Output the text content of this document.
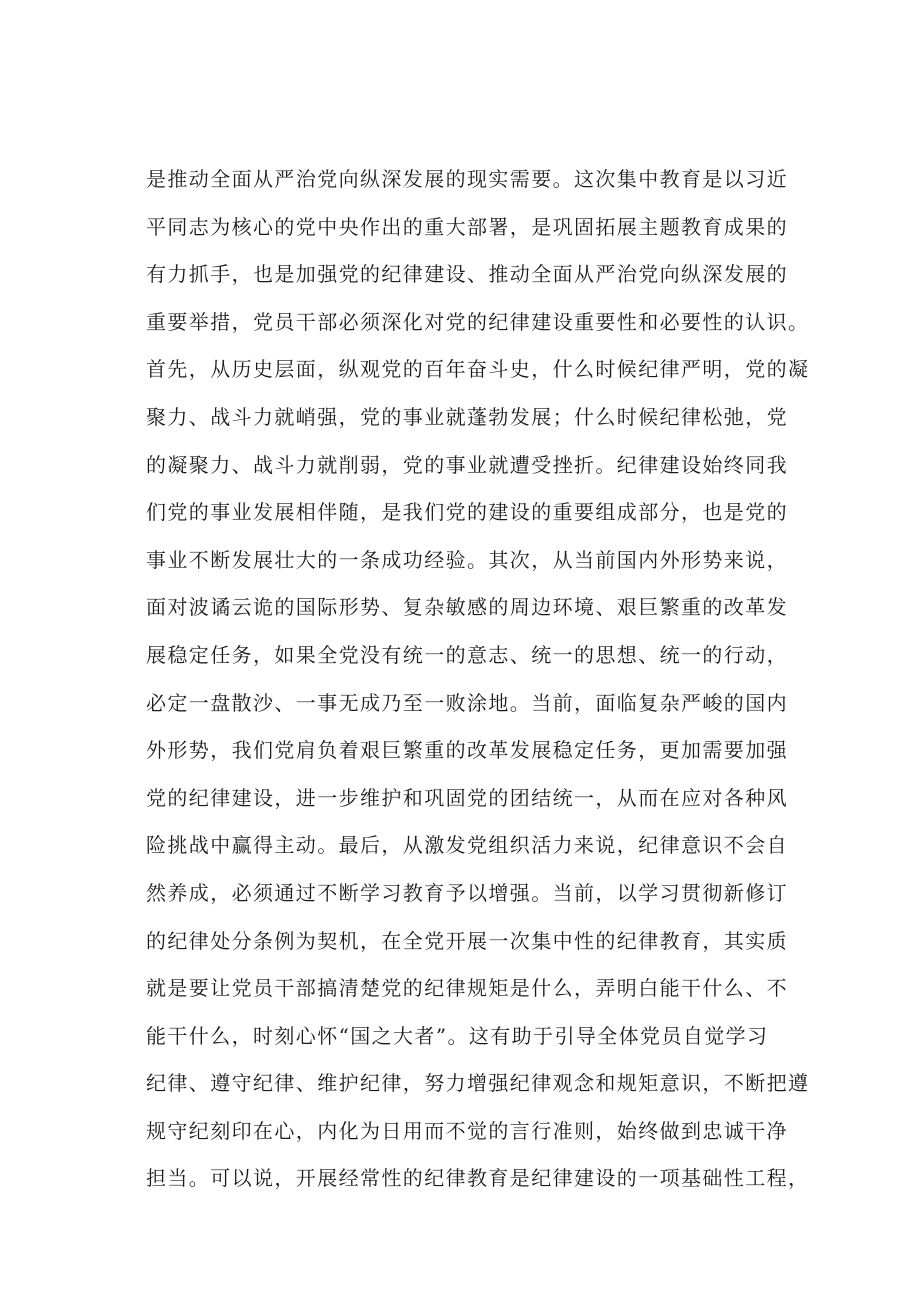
是推动全面从严治党向纵深发展的现实需要。这次集中教育是以习近
平同志为核心的党中央作出的重大部署，是巩固拓展主题教育成果的
有力抓手，也是加强党的纪律建设、推动全面从严治党向纵深发展的
重要举措，党员干部必须深化对党的纪律建设重要性和必要性的认识。
首先，从历史层面，纵观党的百年奋斗史，什么时候纪律严明，党的凝
聚力、战斗力就峭强，党的事业就蓬勃发展；什么时候纪律松弛，党
的凝聚力、战斗力就削弱，党的事业就遭受挫折。纪律建设始终同我
们党的事业发展相伴随，是我们党的建设的重要组成部分，也是党的
事业不断发展壮大的一条成功经验。其次，从当前国内外形势来说，
面对波谲云诡的国际形势、复杂敏感的周边环境、艰巨繁重的改革发
展稳定任务，如果全党没有统一的意志、统一的思想、统一的行动，
必定一盘散沙、一事无成乃至一败涂地。当前，面临复杂严峻的国内
外形势，我们党肩负着艰巨繁重的改革发展稳定任务，更加需要加强
党的纪律建设，进一步维护和巩固党的团结统一，从而在应对各种风
险挑战中赢得主动。最后，从激发党组织活力来说，纪律意识不会自
然养成，必须通过不断学习教育予以增强。当前，以学习贯彻新修订
的纪律处分条例为契机，在全党开展一次集中性的纪律教育，其实质
就是要让党员干部搞清楚党的纪律规矩是什么，弄明白能干什么、不
能干什么，时刻心怀“国之大者”。这有助于引导全体党员自觉学习
纪律、遵守纪律、维护纪律，努力增强纪律观念和规矩意识，不断把遵
规守纪刻印在心，内化为日用而不觉的言行准则，始终做到忠诚干净
担当。可以说，开展经常性的纪律教育是纪律建设的一项基础性工程，
